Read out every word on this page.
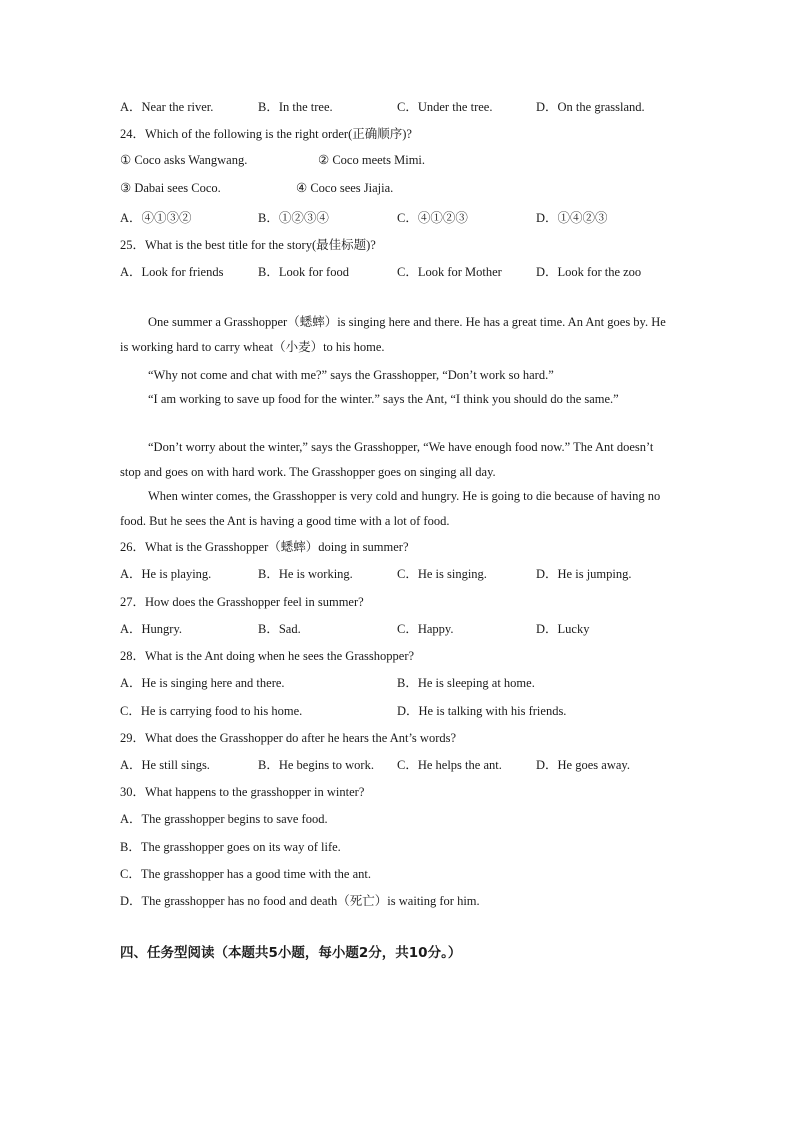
A．Near the river.	B．In the tree.	C．Under the tree.	D．On the grassland.
24．Which of the following is the right order(正确顺序)?
① Coco asks Wangwang.	② Coco meets Mimi.
③ Dabai sees Coco.	④ Coco sees Jiajia.
A．④①③②	B．①②③④	C．④①②③	D．①④②③
25．What is the best title for the story(最佳标题)?
A．Look for friends	B．Look for food	C．Look for Mother	D．Look for the zoo
One summer a Grasshopper（蟋蟀）is singing here and there. He has a great time. An Ant goes by. He is working hard to carry wheat（小麦）to his home.
“Why not come and chat with me?” says the Grasshopper, “Don’t work so hard.”
“I am working to save up food for the winter.” says the Ant, “I think you should do the same.”
“Don’t worry about the winter,” says the Grasshopper, “We have enough food now.” The Ant doesn’t stop and goes on with hard work. The Grasshopper goes on singing all day.
When winter comes, the Grasshopper is very cold and hungry. He is going to die because of having no food. But he sees the Ant is having a good time with a lot of food.
26．What is the Grasshopper（蟋蟀）doing in summer?
A．He is playing.	B．He is working.	C．He is singing.	D．He is jumping.
27．How does the Grasshopper feel in summer?
A．Hungry.	B．Sad.	C．Happy.	D．Lucky
28．What is the Ant doing when he sees the Grasshopper?
A．He is singing here and there.	B．He is sleeping at home.
C．He is carrying food to his home.	D．He is talking with his friends.
29．What does the Grasshopper do after he hears the Ant’s words?
A．He still sings.	B．He begins to work. C．He helps the ant.	D．He goes away.
30．What happens to the grasshopper in winter?
A．The grasshopper begins to save food.
B．The grasshopper goes on its way of life.
C．The grasshopper has a good time with the ant.
D．The grasshopper has no food and death（死亡）is waiting for him.
四、任务型阅读（本题共5小题，每小题2分，共10分。）
